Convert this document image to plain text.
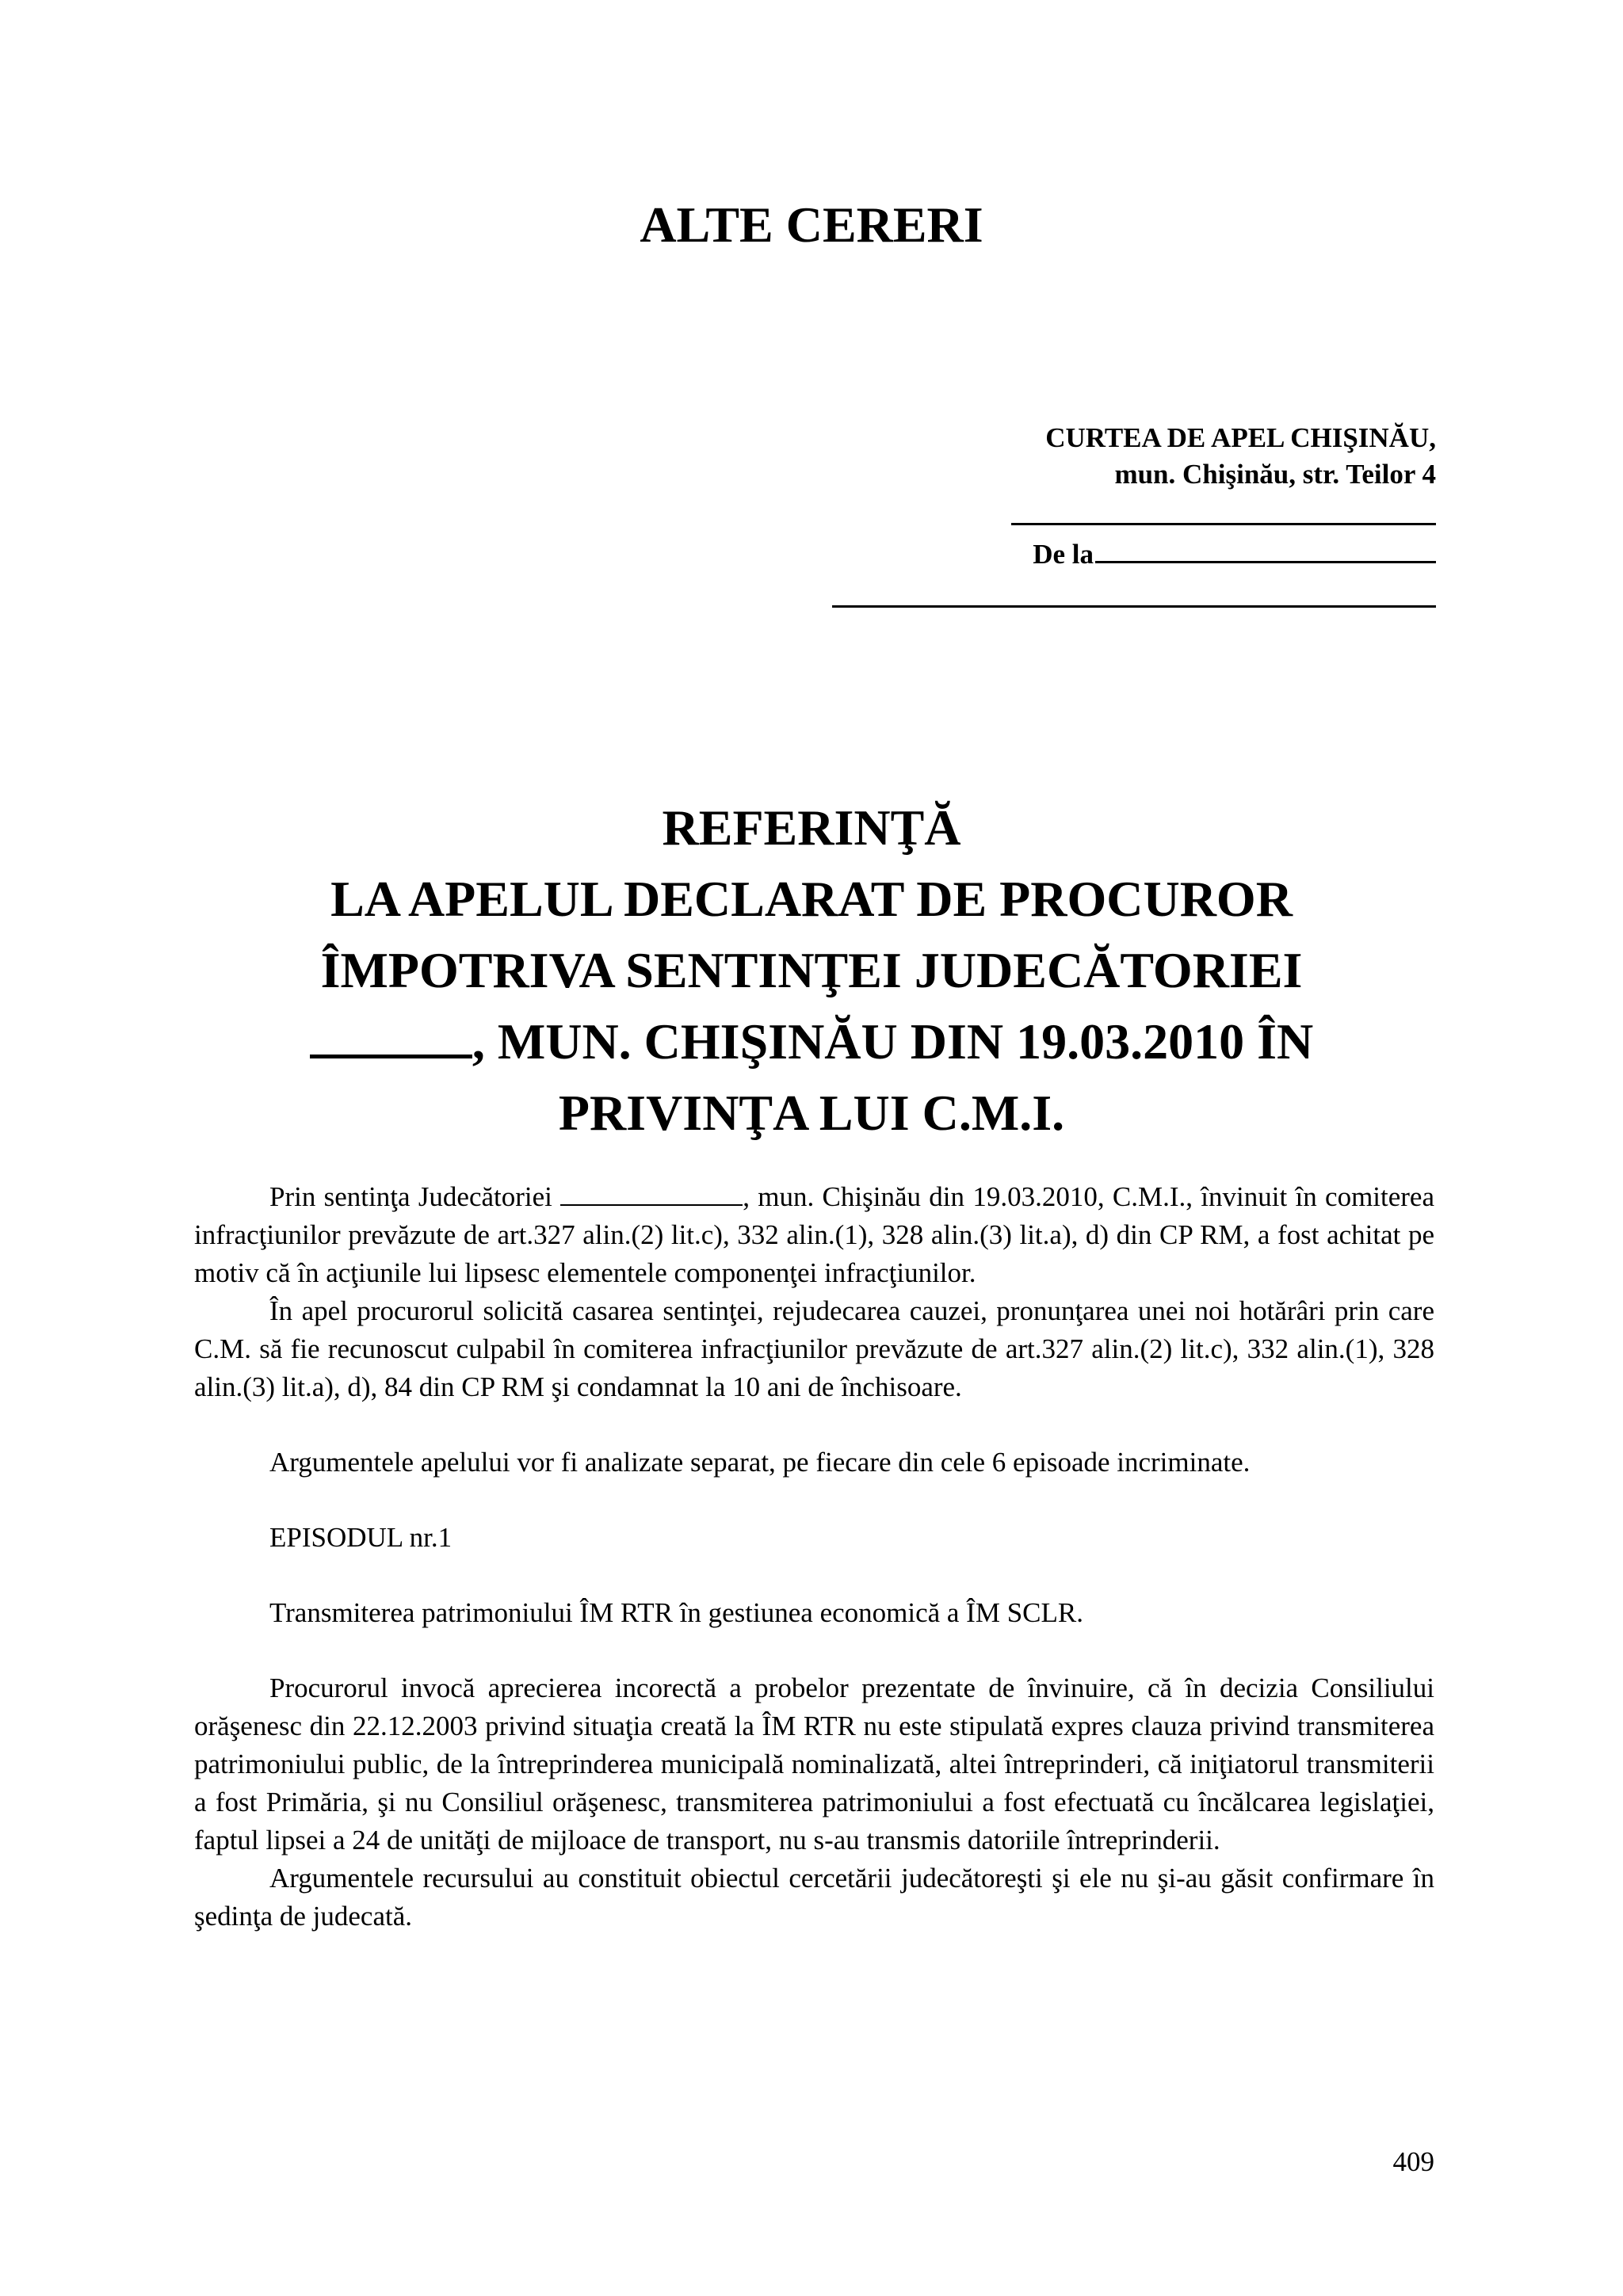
ALTE CERERI
CURTEA DE APEL CHIŞINĂU,
mun. Chişinău, str. Teilor 4
De la
REFERINŢĂ
LA APELUL DECLARAT DE PROCUROR
ÎMPOTRIVA SENTINŢEI JUDECĂTORIEI
, MUN. CHIŞINĂU DIN 19.03.2010 ÎN
PRIVINŢA LUI C.M.I.

Prin sentinţa Judecătoriei	, mun. Chişinău din 19.03.2010, C.M.I., învinuit în comiterea infracţiunilor prevăzute de art.327 alin.(2) lit.c), 332 alin.(1), 328 alin.(3) lit.a), d) din CP RM, a fost achitat pe motiv că în acţiunile lui lipsesc elementele componenţei infracţiunilor.

În apel procurorul solicită casarea sentinţei, rejudecarea cauzei, pronunţarea unei noi hotărâri prin care C.M. să fie recunoscut culpabil în comiterea infracţiunilor prevăzute de art.327 alin.(2) lit.c), 332 alin.(1), 328 alin.(3) lit.a), d), 84 din CP RM şi condamnat la 10 ani de închisoare.

Argumentele apelului vor fi analizate separat, pe fiecare din cele 6 episoade incriminate.

EPISODUL nr.1

Transmiterea patrimoniului ÎM RTR în gestiunea economică a ÎM SCLR.

Procurorul invocă aprecierea incorectă a probelor prezentate de învinuire, că în decizia Consiliului orăşenesc din 22.12.2003 privind situaţia creată la ÎM RTR nu este stipulată expres clauza privind transmiterea patrimoniului public, de la întreprinderea municipală nominalizată, altei întreprinderi, că iniţiatorul transmiterii a fost Primăria, şi nu Consiliul orăşenesc, transmiterea patrimoniului a fost efectuată cu încălcarea legislaţiei, faptul lipsei a 24 de unităţi de mijloace de transport, nu s-au transmis datoriile întreprinderii.

Argumentele recursului au constituit obiectul cercetării judecătoreşti şi ele nu şi-au găsit confirmare în şedinţa de judecată.

409
